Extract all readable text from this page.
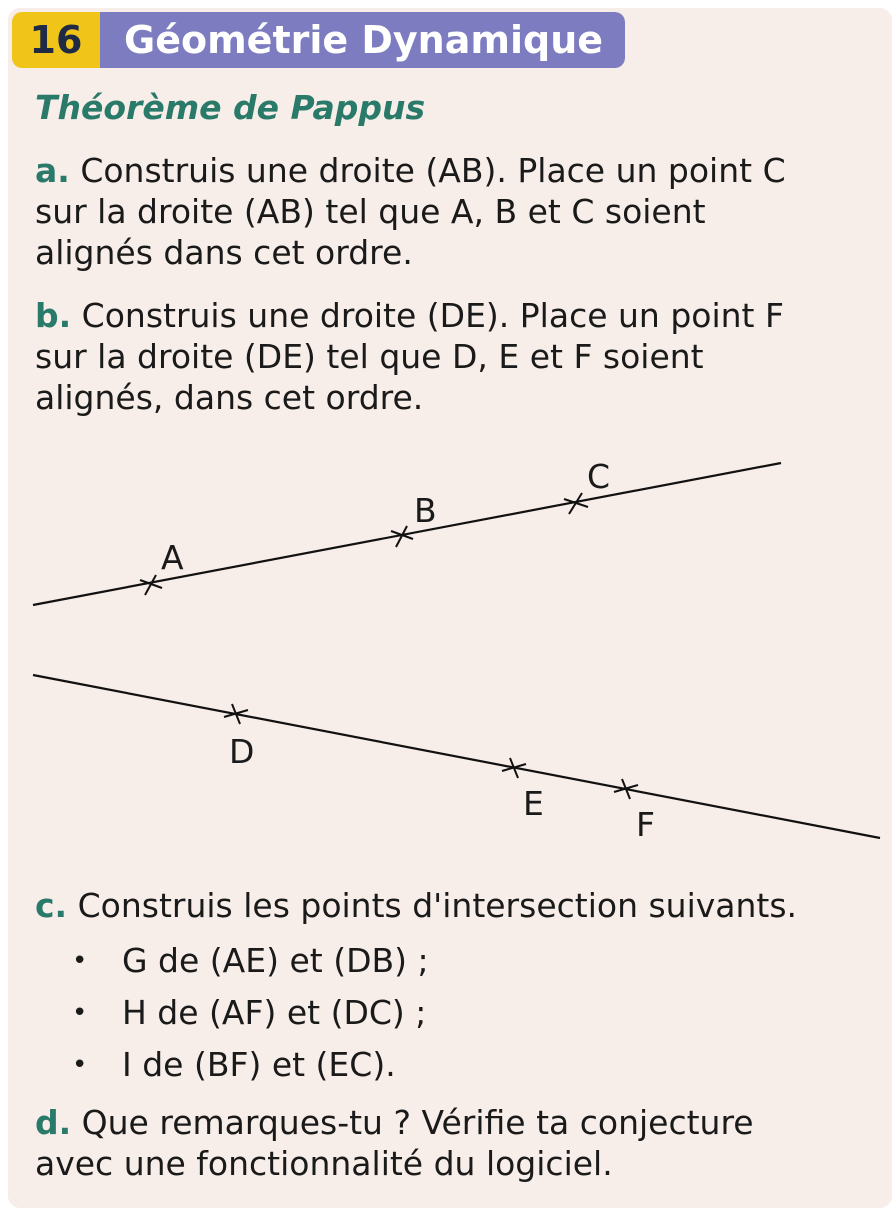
16	Géométrie Dynamique
Théorème de Pappus
a. Construis une droite (AB). Place un point C
sur la droite (AB) tel que A, B et C soient
alignés dans cet ordre.
b. Construis une droite (DE). Place un point F
sur la droite (DE) tel que D, E et F soient
alignés, dans cet ordre.
A
B
C
D
E
F
c. Construis les points d'intersection suivants.
•	G de (AE) et (DB) ;
•	H de (AF) et (DC) ;
•	I de (BF) et (EC).
d. Que remarques-tu ? Vérifie ta conjecture
avec une fonctionnalité du logiciel.
